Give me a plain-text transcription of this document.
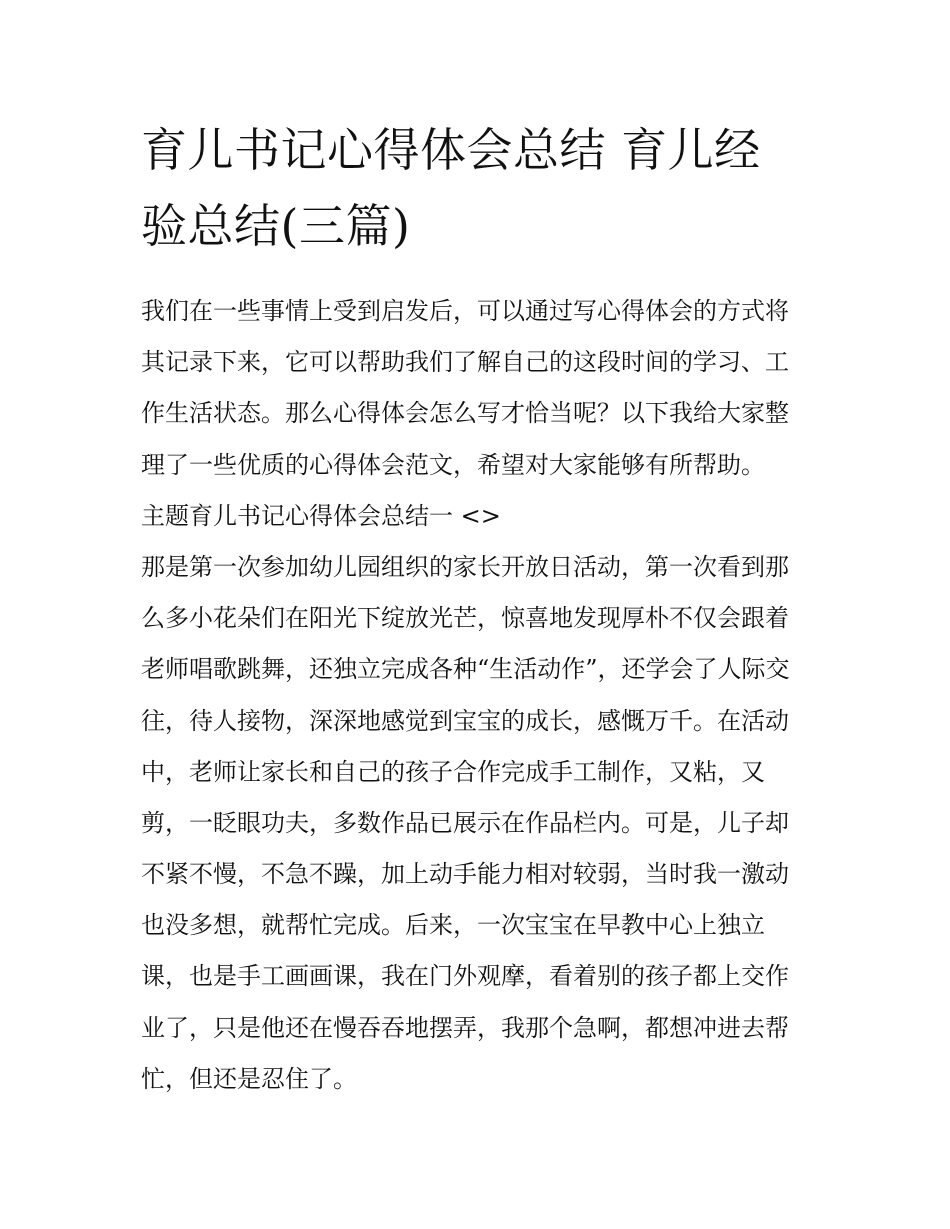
育儿书记心得体会总结 育儿经
验总结(三篇)
我们在一些事情上受到启发后，可以通过写心得体会的方式将
其记录下来，它可以帮助我们了解自己的这段时间的学习、工
作生活状态。那么心得体会怎么写才恰当呢？以下我给大家整
理了一些优质的心得体会范文，希望对大家能够有所帮助。
主题育儿书记心得体会总结一 <>
那是第一次参加幼儿园组织的家长开放日活动，第一次看到那
么多小花朵们在阳光下绽放光芒，惊喜地发现厚朴不仅会跟着
老师唱歌跳舞，还独立完成各种“生活动作”，还学会了人际交
往，待人接物，深深地感觉到宝宝的成长，感慨万千。在活动
中，老师让家长和自己的孩子合作完成手工制作，又粘，又
剪，一眨眼功夫，多数作品已展示在作品栏内。可是，儿子却
不紧不慢，不急不躁，加上动手能力相对较弱，当时我一激动
也没多想，就帮忙完成。后来，一次宝宝在早教中心上独立
课，也是手工画画课，我在门外观摩，看着别的孩子都上交作
业了，只是他还在慢吞吞地摆弄，我那个急啊，都想冲进去帮
忙，但还是忍住了。
